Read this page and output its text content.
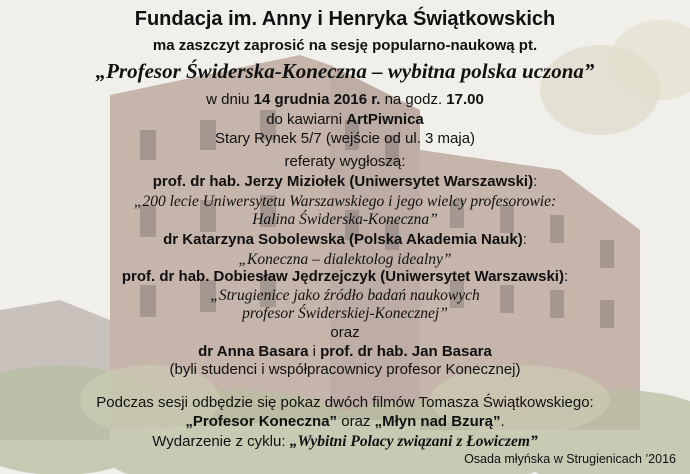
Fundacja im. Anny i Henryka Świątkowskich
ma zaszczyt zaprosić na sesję popularno-naukową pt.
„Profesor Świderska-Koneczna – wybitna polska uczona”
w dniu 14 grudnia 2016 r. na godz. 17.00
do kawiarni ArtPiwnica
Stary Rynek 5/7 (wejście od ul. 3 maja)
referaty wygłoszą:
prof. dr hab. Jerzy Miziołek (Uniwersytet Warszawski):
„200 lecie Uniwersytetu Warszawskiego i jego wielcy profesorowie:
Halina Świderska-Koneczna”
dr Katarzyna Sobolewska (Polska Akademia Nauk):
„Koneczna – dialektolog idealny”
prof. dr hab. Dobiesław Jędrzejczyk (Uniwersytet Warszawski):
„Strugienice jako źródło badań naukowych
profesor Świderskiej-Konecznej”
oraz
dr Anna Basara i prof. dr hab. Jan Basara
(byli studenci i współpracownicy profesor Konecznej)
Podczas sesji odbędzie się pokaz dwóch filmów Tomasza Świątkowskiego:
„Profesor Koneczna” oraz „Młyn nad Bzurą”.
Wydarzenie z cyklu: „Wybitni Polacy związani z Łowiczem”
Osada młyńska w Strugienicach ’2016
